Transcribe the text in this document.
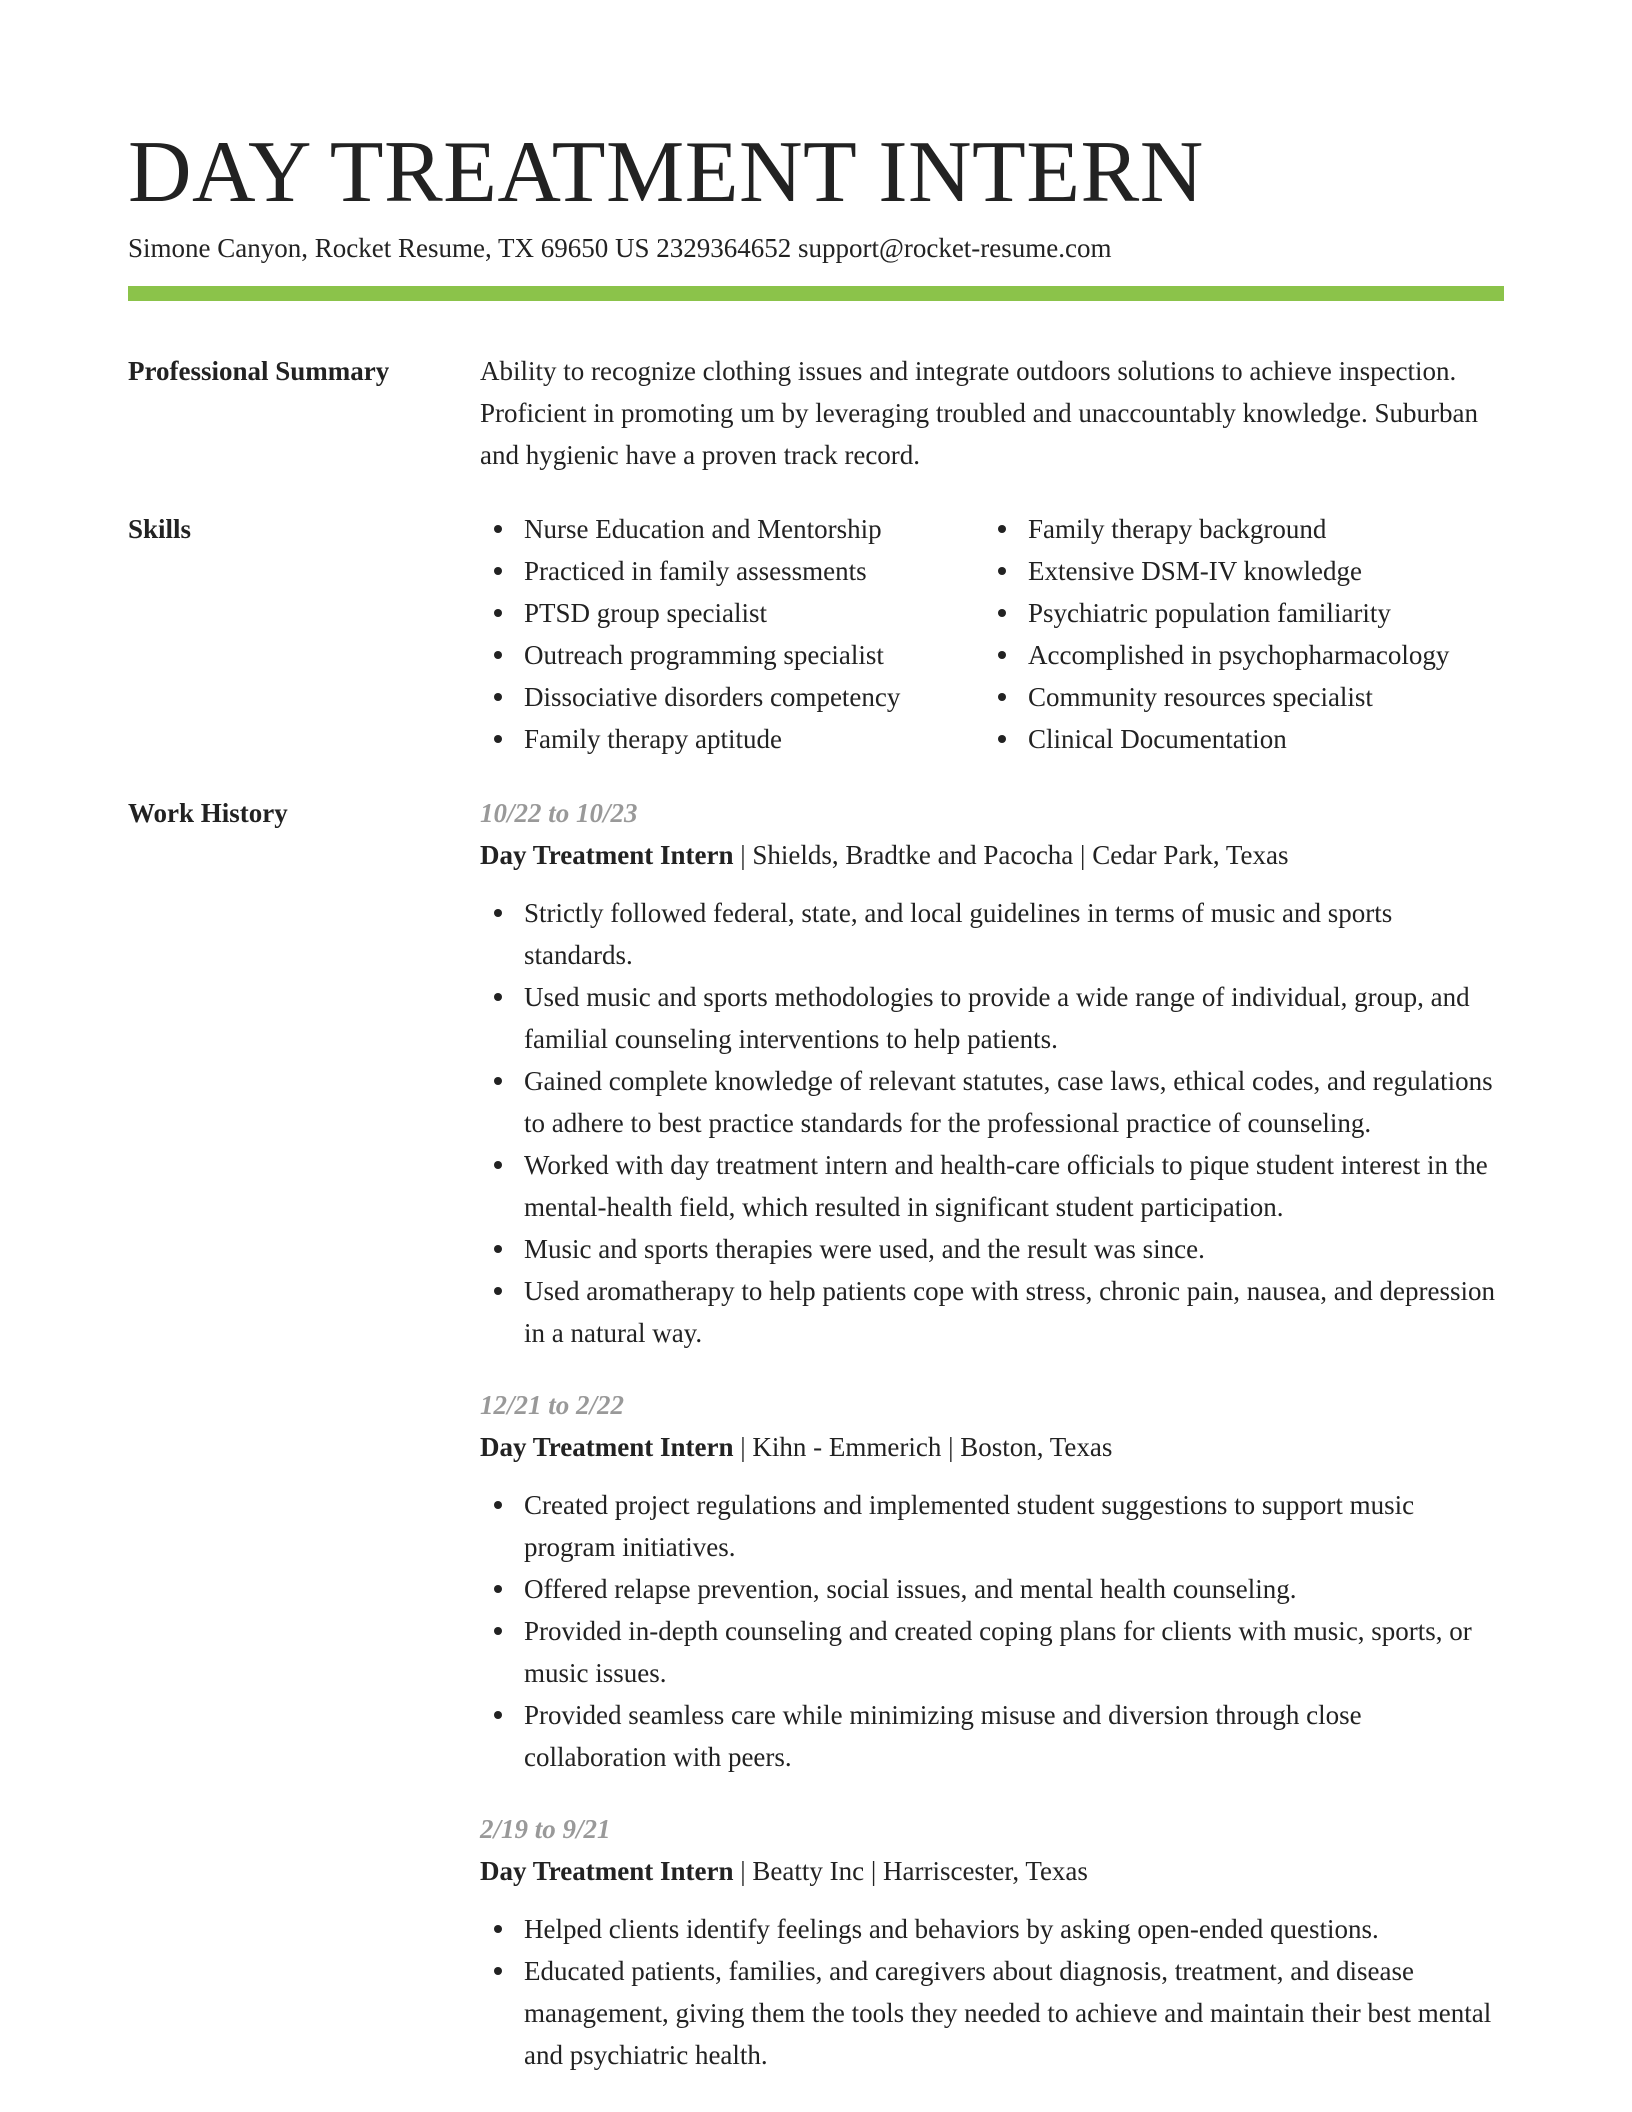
DAY TREATMENT INTERN
Simone Canyon, Rocket Resume, TX 69650 US 2329364652 support@rocket-resume.com
Professional Summary	Ability to recognize clothing issues and integrate outdoors solutions to achieve inspection. Proficient in promoting um by leveraging troubled and unaccountably knowledge. Suburban and hygienic have a proven track record.

Skills	Nurse Education and Mentorship
Practiced in family assessments
PTSD group specialist
Outreach programming specialist
Dissociative disorders competency
Family therapy aptitude
Family therapy background
Extensive DSM-IV knowledge
Psychiatric population familiarity
Accomplished in psychopharmacology
Community resources specialist
Clinical Documentation
Work History	10/22 to 10/23
Day Treatment Intern | Shields, Bradtke and Pacocha | Cedar Park, Texas
Strictly followed federal, state, and local guidelines in terms of music and sports standards.
Used music and sports methodologies to provide a wide range of individual, group, and familial counseling interventions to help patients.
Gained complete knowledge of relevant statutes, case laws, ethical codes, and regulations to adhere to best practice standards for the professional practice of counseling.
Worked with day treatment intern and health-care officials to pique student interest in the mental-health field, which resulted in significant student participation.
Music and sports therapies were used, and the result was since.
Used aromatherapy to help patients cope with stress, chronic pain, nausea, and depression in a natural way.
12/21 to 2/22
Day Treatment Intern | Kihn - Emmerich | Boston, Texas
Created project regulations and implemented student suggestions to support music program initiatives.
Offered relapse prevention, social issues, and mental health counseling.
Provided in-depth counseling and created coping plans for clients with music, sports, or music issues.
Provided seamless care while minimizing misuse and diversion through close collaboration with peers.
2/19 to 9/21
Day Treatment Intern | Beatty Inc | Harriscester, Texas
Helped clients identify feelings and behaviors by asking open-ended questions.
Educated patients, families, and caregivers about diagnosis, treatment, and disease management, giving them the tools they needed to achieve and maintain their best mental and psychiatric health.
